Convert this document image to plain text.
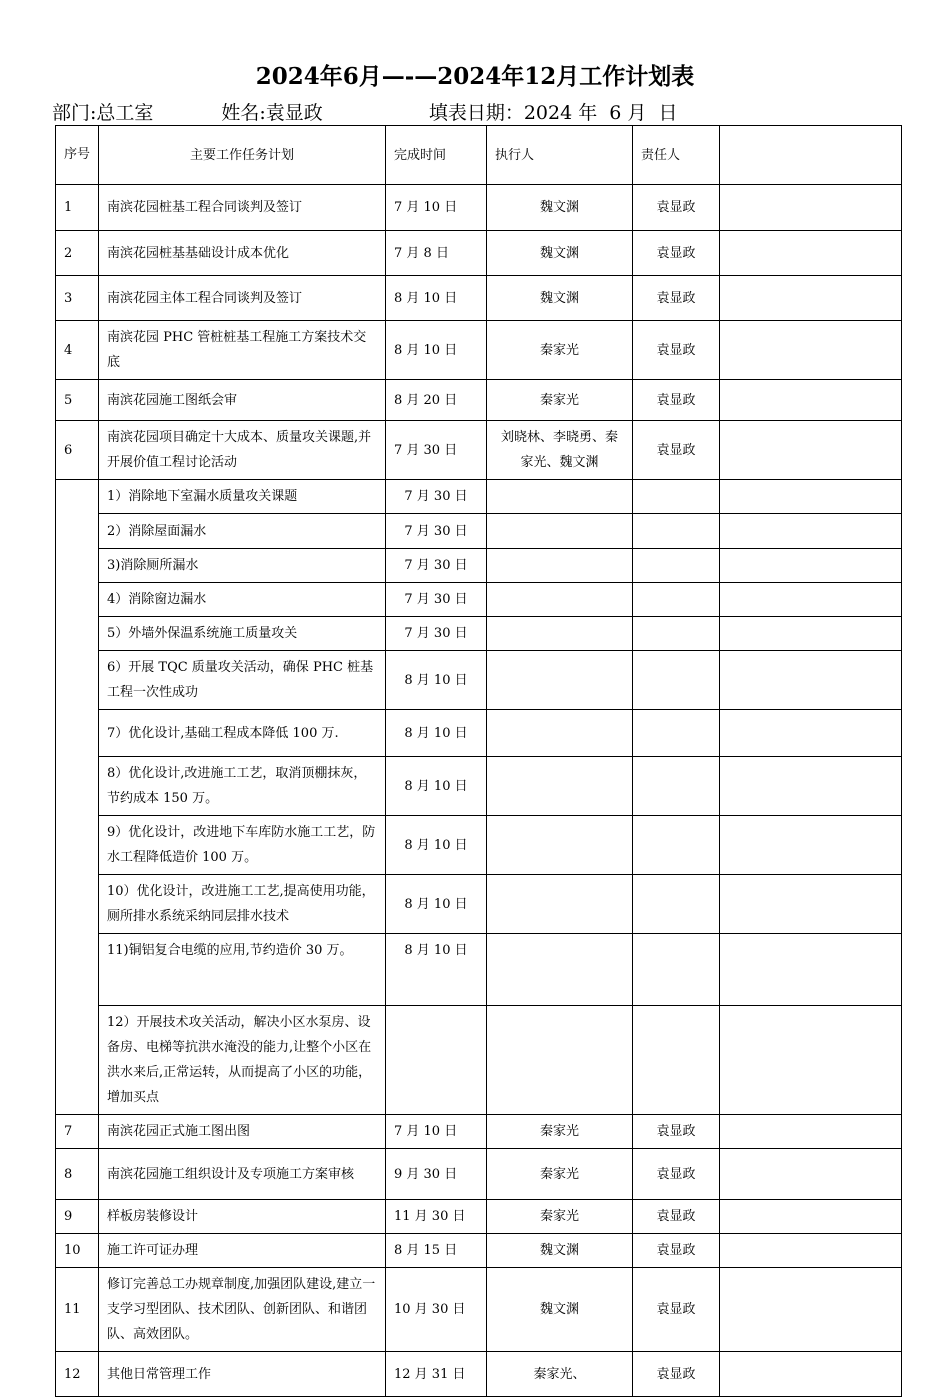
2024年6月—-—2024年12月工作计划表
部门:总工室	姓名:袁显政	填表日期：2024 年  6 月  日
序号	主要工作任务计划	完成时间	执行人	责任人	
1	南滨花园桩基工程合同谈判及签订	7 月 10 日	魏文渊	袁显政	
2	南滨花园桩基基础设计成本优化	7 月 8 日	魏文渊	袁显政	
3	南滨花园主体工程合同谈判及签订	8 月 10 日	魏文渊	袁显政	
4	南滨花园 PHC 管桩桩基工程施工方案技术交底	8 月 10 日	秦家光	袁显政	
5	南滨花园施工图纸会审	8 月 20 日	秦家光	袁显政	
6	南滨花园项目确定十大成本、质量攻关课题,并开展价值工程讨论活动	7 月 30 日	刘晓林、李晓勇、秦家光、魏文渊	袁显政	
	1）消除地下室漏水质量攻关课题	7 月 30 日			
	2）消除屋面漏水	7 月 30 日			
	3)消除厕所漏水	7 月 30 日			
	4）消除窗边漏水	7 月 30 日			
	5）外墙外保温系统施工质量攻关	7 月 30 日			
	6）开展 TQC 质量攻关活动，确保 PHC 桩基工程一次性成功	8 月 10 日			
	7）优化设计,基础工程成本降低 100 万.	8 月 10 日			
	8）优化设计,改进施工工艺，取消顶棚抹灰，节约成本 150 万。	8 月 10 日			
	9）优化设计，改进地下车库防水施工工艺，防水工程降低造价 100 万。	8 月 10 日			
	10）优化设计，改进施工工艺,提高使用功能，厕所排水系统采纳同层排水技术	8 月 10 日			
	11)铜铝复合电缆的应用,节约造价 30 万。	8 月 10 日			
	12）开展技术攻关活动，解决小区水泵房、设备房、电梯等抗洪水淹没的能力,让整个小区在洪水来后,正常运转，从而提高了小区的功能，增加买点				
7	南滨花园正式施工图出图	7 月 10 日	秦家光	袁显政	
8	南滨花园施工组织设计及专项施工方案审核	9 月 30 日	秦家光	袁显政	
9	样板房装修设计	11 月 30 日	秦家光	袁显政	
10	施工许可证办理	8 月 15 日	魏文渊	袁显政	
11	修订完善总工办规章制度,加强团队建设,建立一支学习型团队、技术团队、创新团队、和谐团队、高效团队。	10 月 30 日	魏文渊	袁显政	
12	其他日常管理工作	12 月 31 日	秦家光、	袁显政	
